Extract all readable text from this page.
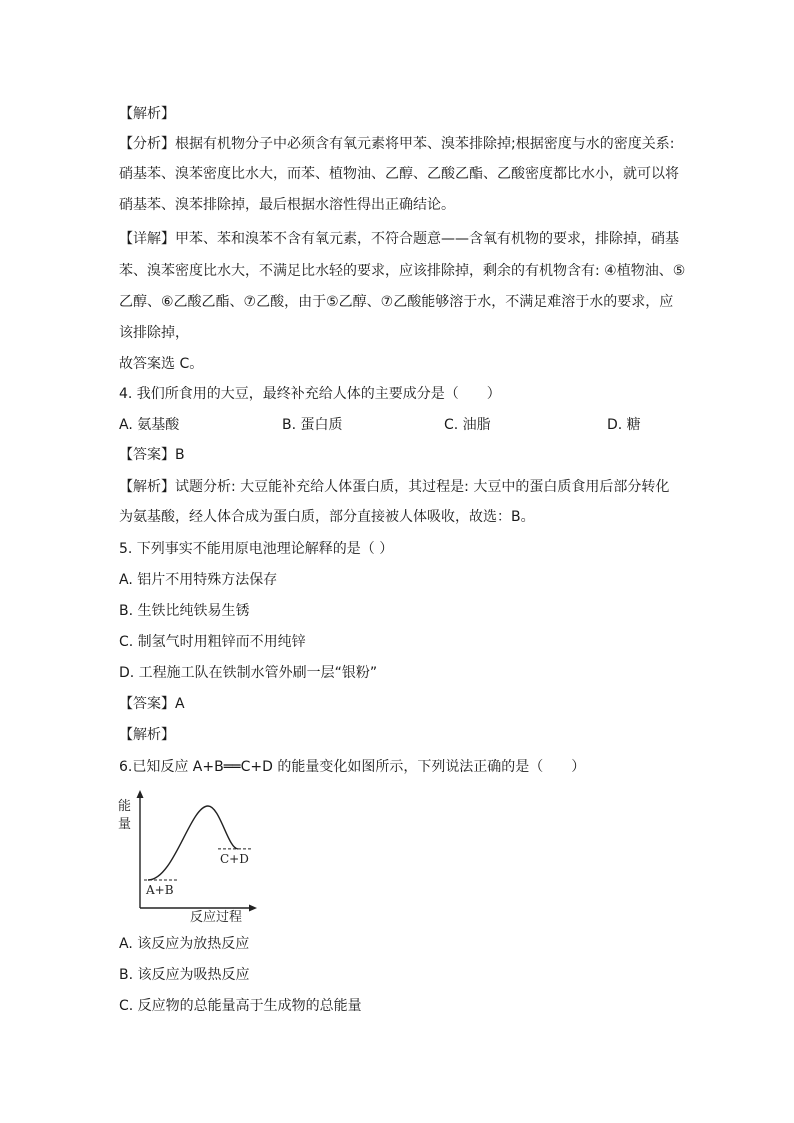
【解析】
【分析】根据有机物分子中必须含有氧元素将甲苯、溴苯排除掉;根据密度与水的密度关系:
硝基苯、溴苯密度比水大，而苯、植物油、乙醇、乙酸乙酯、乙酸密度都比水小，就可以将
硝基苯、溴苯排除掉，最后根据水溶性得出正确结论。
【详解】甲苯、苯和溴苯不含有氧元素，不符合题意——含氧有机物的要求，排除掉，硝基
苯、溴苯密度比水大，不满足比水轻的要求，应该排除掉，剩余的有机物含有: ④植物油、⑤
乙醇、⑥乙酸乙酯、⑦乙酸，由于⑤乙醇、⑦乙酸能够溶于水，不满足难溶于水的要求，应
该排除掉，
故答案选 C。
4. 我们所食用的大豆，最终补充给人体的主要成分是（　　）
A. 氨基酸	B. 蛋白质	C. 油脂	D. 糖
【答案】B
【解析】试题分析: 大豆能补充给人体蛋白质，其过程是: 大豆中的蛋白质食用后部分转化
为氨基酸，经人体合成为蛋白质，部分直接被人体吸收，故选：B。
5. 下列事实不能用原电池理论解释的是（ ）
A. 铝片不用特殊方法保存
B. 生铁比纯铁易生锈
C. 制氢气时用粗锌而不用纯锌
D. 工程施工队在铁制水管外刷一层“银粉”
【答案】A
【解析】
6.已知反应 A+B══C+D 的能量变化如图所示，下列说法正确的是（　　）
能
量
C+D
A+B
反应过程
A. 该反应为放热反应
B. 该反应为吸热反应
C. 反应物的总能量高于生成物的总能量
